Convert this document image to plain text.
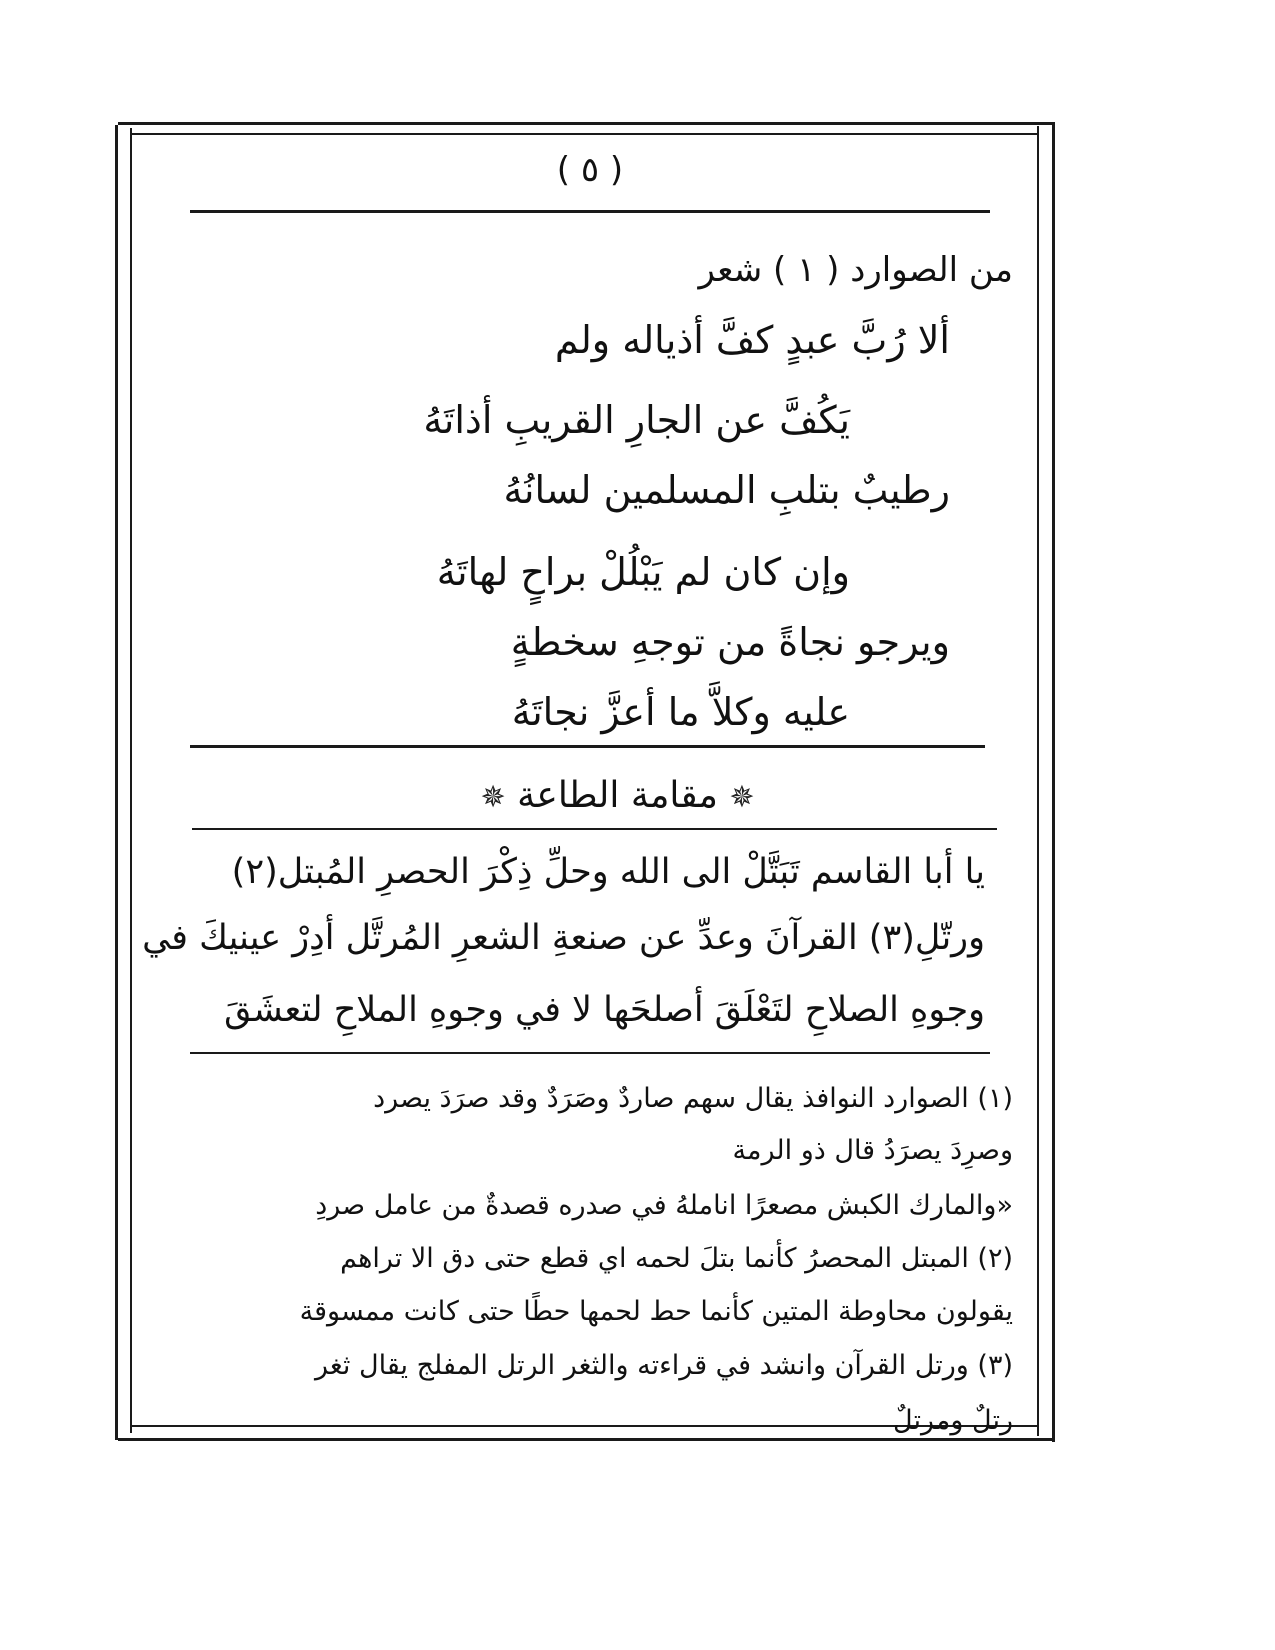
( ٥ )
من الصوارد ( ١ ) شعر
ألا رُبَّ عبدٍ كفَّ أذياله ولم
يَكُفَّ عن الجارِ القريبِ أذاتَهُ
رطيبٌ بتلبِ المسلمين لسانُهُ
وإن كان لم يَبْلُلْ براحٍ لهاتَهُ
ويرجو نجاةً من توجهِ سخطةٍ
عليه وكلاَّ ما أعزَّ نجاتَهُ
✵ مقامة الطاعة ✵
يا أبا القاسم تَبَتَّلْ الى الله وحلِّ ذِكْرَ الحصرِ المُبتل(٢)
ورتّلِ(٣) القرآنَ وعدِّ عن صنعةِ الشعرِ المُرتَّل أدِرْ عينيكَ في
وجوهِ الصلاحِ لتَعْلَقَ أصلحَها لا في وجوهِ الملاحِ لتعشَقَ
(١) الصوارد النوافذ يقال سهم صاردٌ وصَرَدٌ وقد صرَدَ يصرد
وصرِدَ يصرَدُ قال ذو الرمة
«والمارك الكبش مصعرًا اناملهُ في صدره قصدةٌ من عامل صردِ
(٢) المبتل المحصرُ كأنما بتلَ لحمه اي قطع حتى دق الا تراهم
يقولون محاوطة المتين كأنما حط لحمها حطًا حتى كانت ممسوقة
(٣) ورتل القرآن وانشد في قراءته والثغر الرتل المفلج يقال ثغر
رتلٌ ومرتلٌ
